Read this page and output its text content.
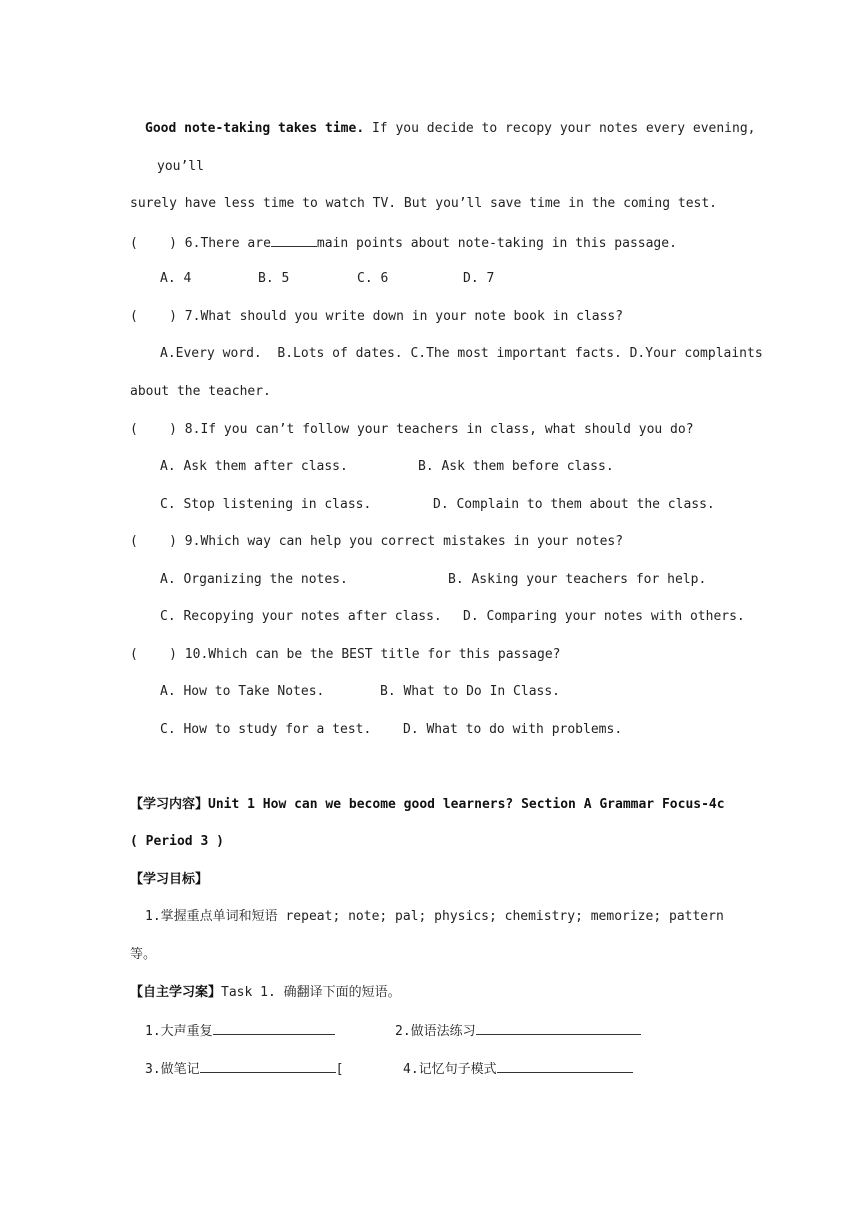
Good note-taking takes time. If you decide to recopy your notes every evening,
you’ll
surely have less time to watch TV. But you’ll save time in the coming test.
(    ) 6.There are	main points about note-taking in this passage.
A. 4	B. 5	C. 6	D. 7
(    ) 7.What should you write down in your note book in class?
A.Every word.  B.Lots of dates. C.The most important facts. D.Your complaints
about the teacher.
(    ) 8.If you can’t follow your teachers in class, what should you do?
A. Ask them after class.	B. Ask them before class.
C. Stop listening in class.	D. Complain to them about the class.
(    ) 9.Which way can help you correct mistakes in your notes?
A. Organizing the notes.	B. Asking your teachers for help.
C. Recopying your notes after class. D. Comparing your notes with others.
(    ) 10.Which can be the BEST title for this passage?
A. How to Take Notes.	B. What to Do In Class.
C. How to study for a test. D. What to do with problems.
【学习内容】Unit 1 How can we become good learners? Section A Grammar Focus-4c
( Period 3 )
【学习目标】
1.掌握重点单词和短语 repeat; note; pal; physics; chemistry; memorize; pattern
等。
【自主学习案】Task 1. 确翻译下面的短语。
1.大声重复	2.做语法练习
3.做笔记	[	4.记忆句子模式
